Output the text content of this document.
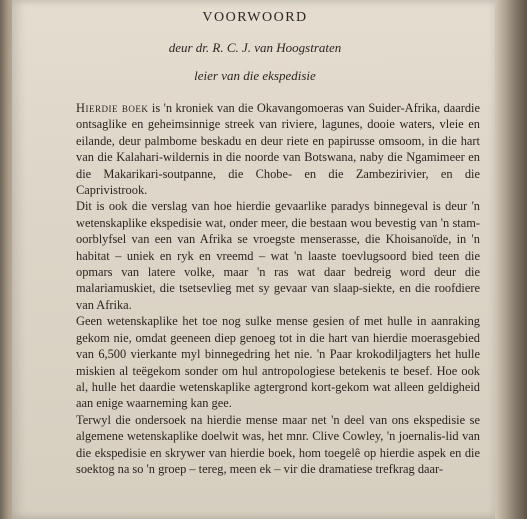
VOORWOORD
deur dr. R. C. J. van Hoogstraten
leier van die ekspedisie

Hierdie boek is 'n kroniek van die Okavangomoeras van Suider-Afrika, daardie ontsaglike en geheimsinnige streek van riviere, lagunes, dooie waters, vleie en eilande, deur palmbome beskadu en deur riete en papirusse omsoom, in die hart van die Kalahari-wildernis in die noorde van Botswana, naby die Ngamimeer en die Makarikari-soutpanne, die Chobe- en die Zambezirivier, en die Caprivistrook.

Dit is ook die verslag van hoe hierdie gevaarlike paradys binnegeval is deur 'n wetenskaplike ekspedisie wat, onder meer, die bestaan wou bevestig van 'n stam-oorblyfsel van een van Afrika se vroegste menserasse, die Khoisanoïde, in 'n habitat – uniek en ryk en vreemd – wat 'n laaste toevlugsoord bied teen die opmars van latere volke, maar 'n ras wat daar bedreig word deur die malariamuskiet, die tsetsevlieg met sy gevaar van slaap-siekte, en die roofdiere van Afrika.

Geen wetenskaplike het toe nog sulke mense gesien of met hulle in aanraking gekom nie, omdat geeneen diep genoeg tot in die hart van hierdie moerasgebied van 6,500 vierkante myl binnegedring het nie. 'n Paar krokodiljagters het hulle miskien al teëgekom sonder om hul antropologiese betekenis te besef. Hoe ook al, hulle het daardie wetenskaplike agtergrond kort-gekom wat alleen geldigheid aan enige waarneming kan gee.

Terwyl die ondersoek na hierdie mense maar net 'n deel van ons ekspedisie se algemene wetenskaplike doelwit was, het mnr. Clive Cowley, 'n joernalis-lid van die ekspedisie en skrywer van hierdie boek, hom toegelê op hierdie aspek en die soektog na so 'n groep – tereg, meen ek – vir die dramatiese trefkrag daar-
